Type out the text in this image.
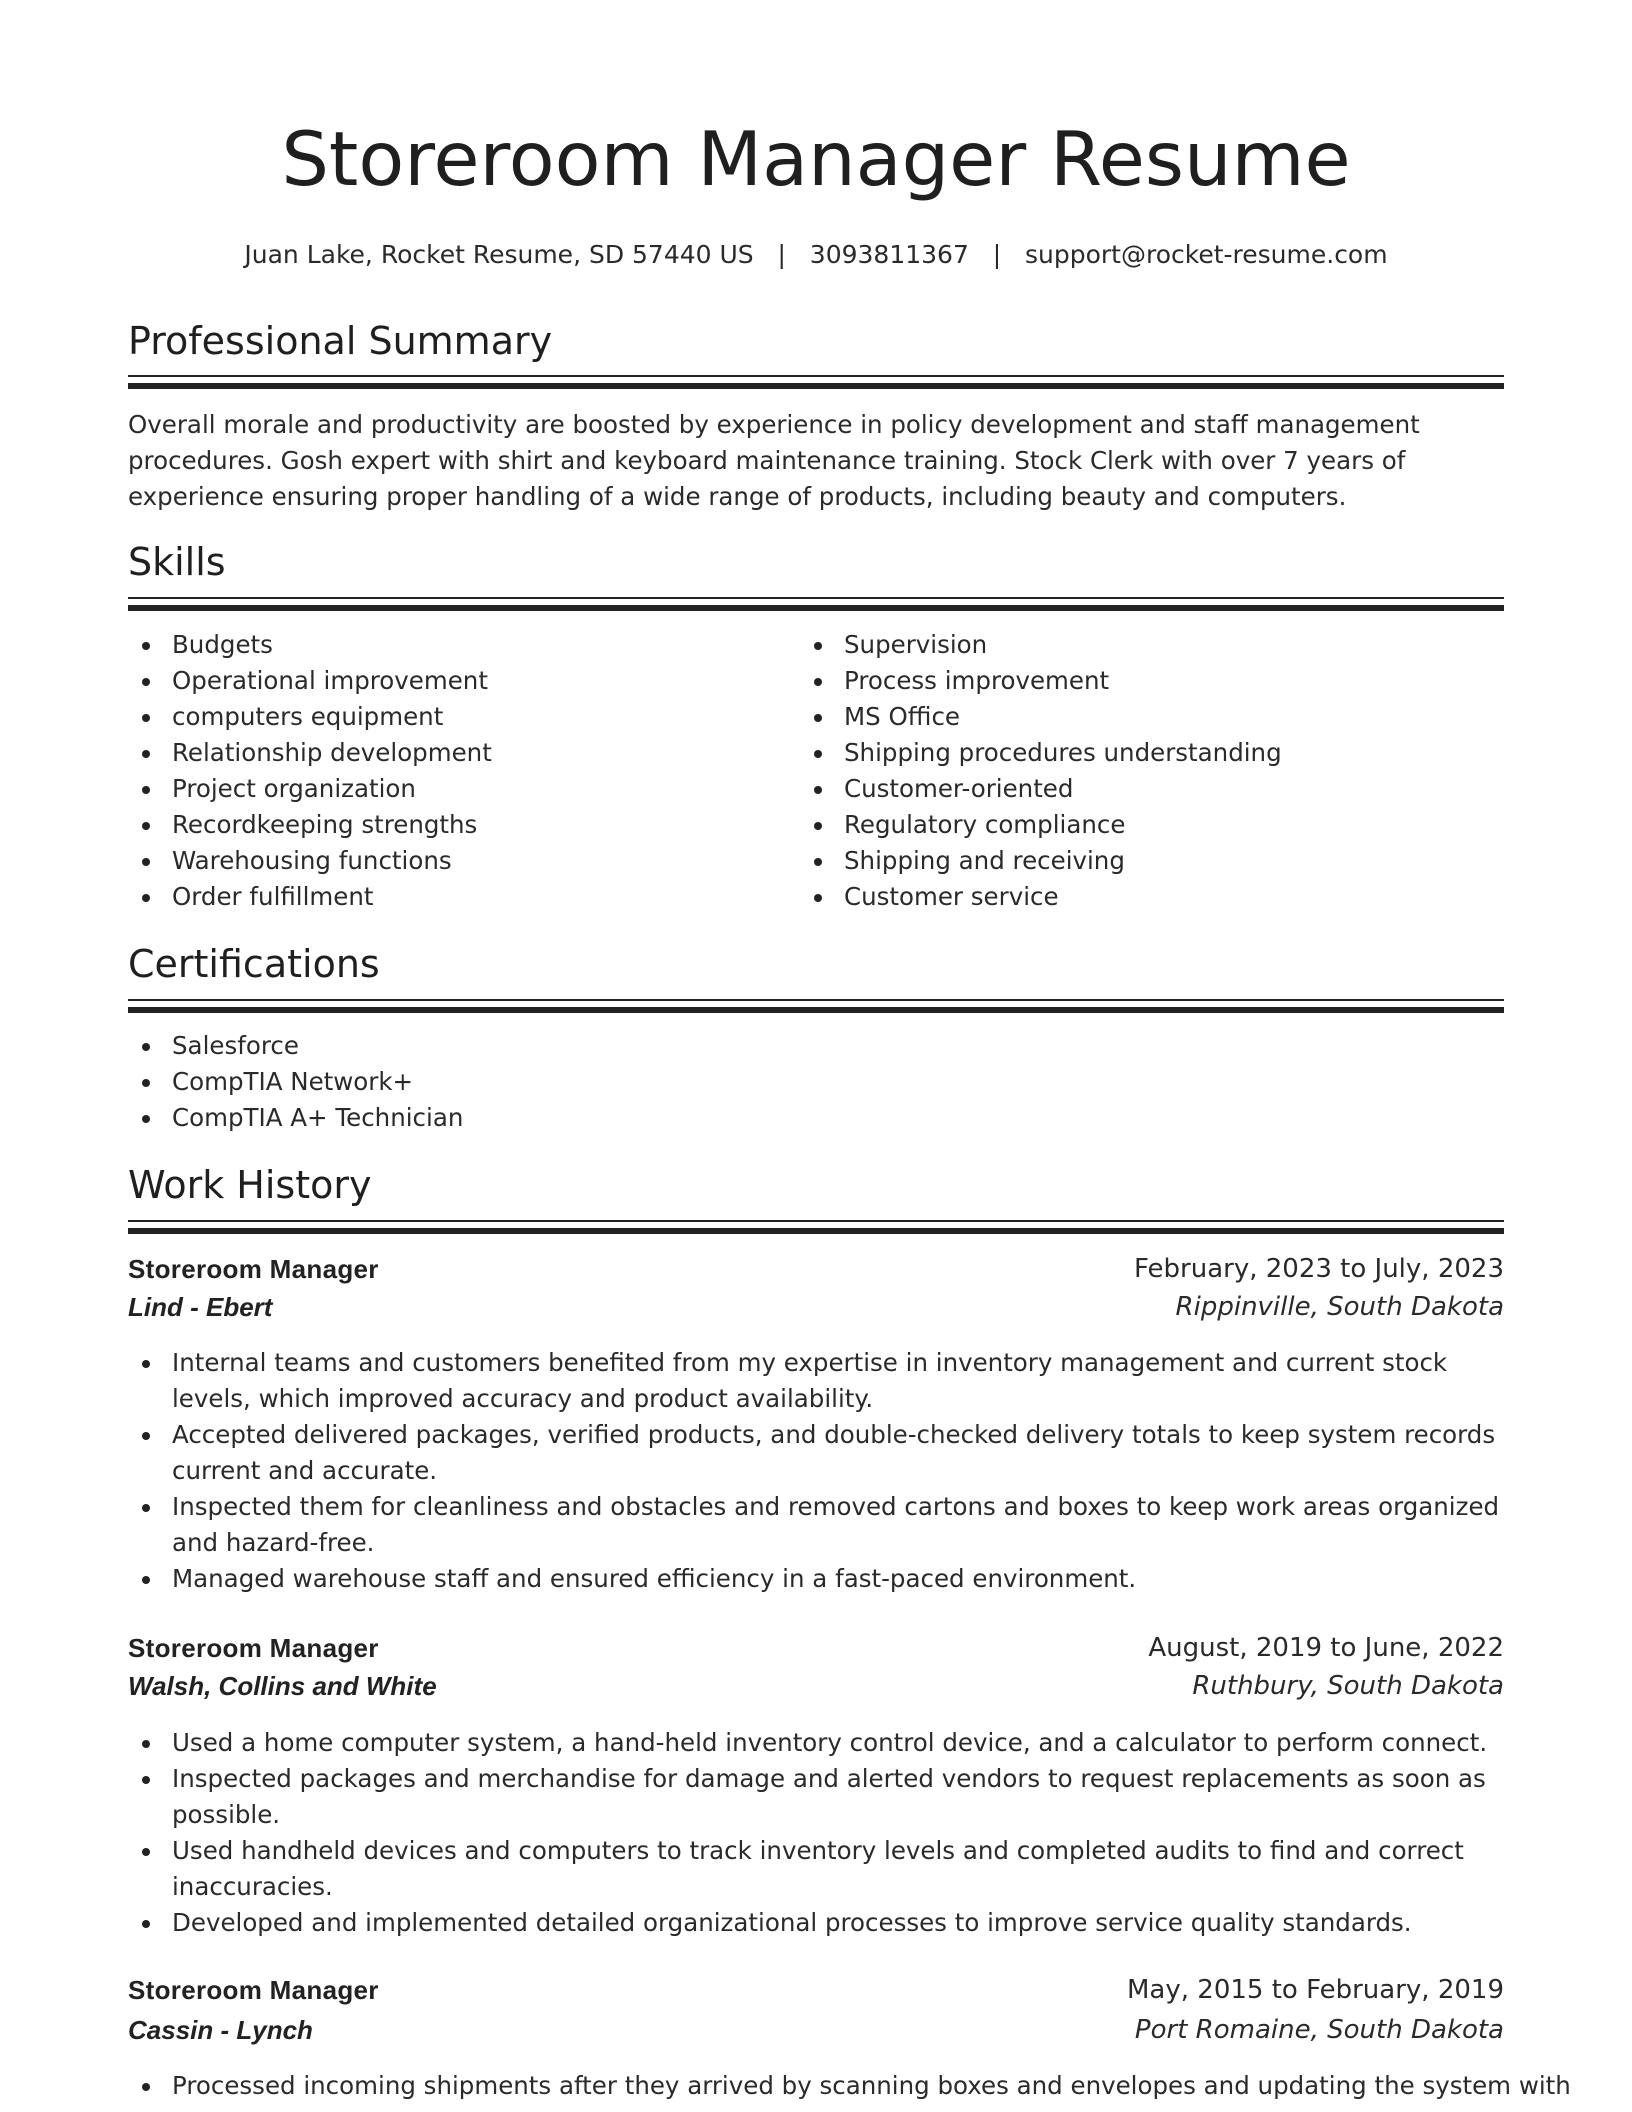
Storeroom Manager Resume
Juan Lake, Rocket Resume, SD 57440 US | 3093811367 | support@rocket-resume.com
Professional Summary

Overall morale and productivity are boosted by experience in policy development and staff management procedures. Gosh expert with shirt and keyboard maintenance training. Stock Clerk with over 7 years of experience ensuring proper handling of a wide range of products, including beauty and computers.

Skills
Budgets
Operational improvement
computers equipment
Relationship development
Project organization
Recordkeeping strengths
Warehousing functions
Order fulfillment
Supervision
Process improvement
MS Office
Shipping procedures understanding
Customer-oriented
Regulatory compliance
Shipping and receiving
Customer service
Certifications
Salesforce
CompTIA Network+
CompTIA A+ Technician
Work History
Storeroom Manager	February, 2023 to July, 2023
Lind - Ebert	Rippinville, South Dakota
Internal teams and customers benefited from my expertise in inventory management and current stock levels, which improved accuracy and product availability.
Accepted delivered packages, verified products, and double-checked delivery totals to keep system records current and accurate.
Inspected them for cleanliness and obstacles and removed cartons and boxes to keep work areas organized and hazard-free.
Managed warehouse staff and ensured efficiency in a fast-paced environment.
Storeroom Manager	August, 2019 to June, 2022
Walsh, Collins and White	Ruthbury, South Dakota
Used a home computer system, a hand-held inventory control device, and a calculator to perform connect.
Inspected packages and merchandise for damage and alerted vendors to request replacements as soon as possible.
Used handheld devices and computers to track inventory levels and completed audits to find and correct inaccuracies.
Developed and implemented detailed organizational processes to improve service quality standards.
Storeroom Manager	May, 2015 to February, 2019
Cassin - Lynch	Port Romaine, South Dakota
Processed incoming shipments after they arrived by scanning boxes and envelopes and updating the system with
